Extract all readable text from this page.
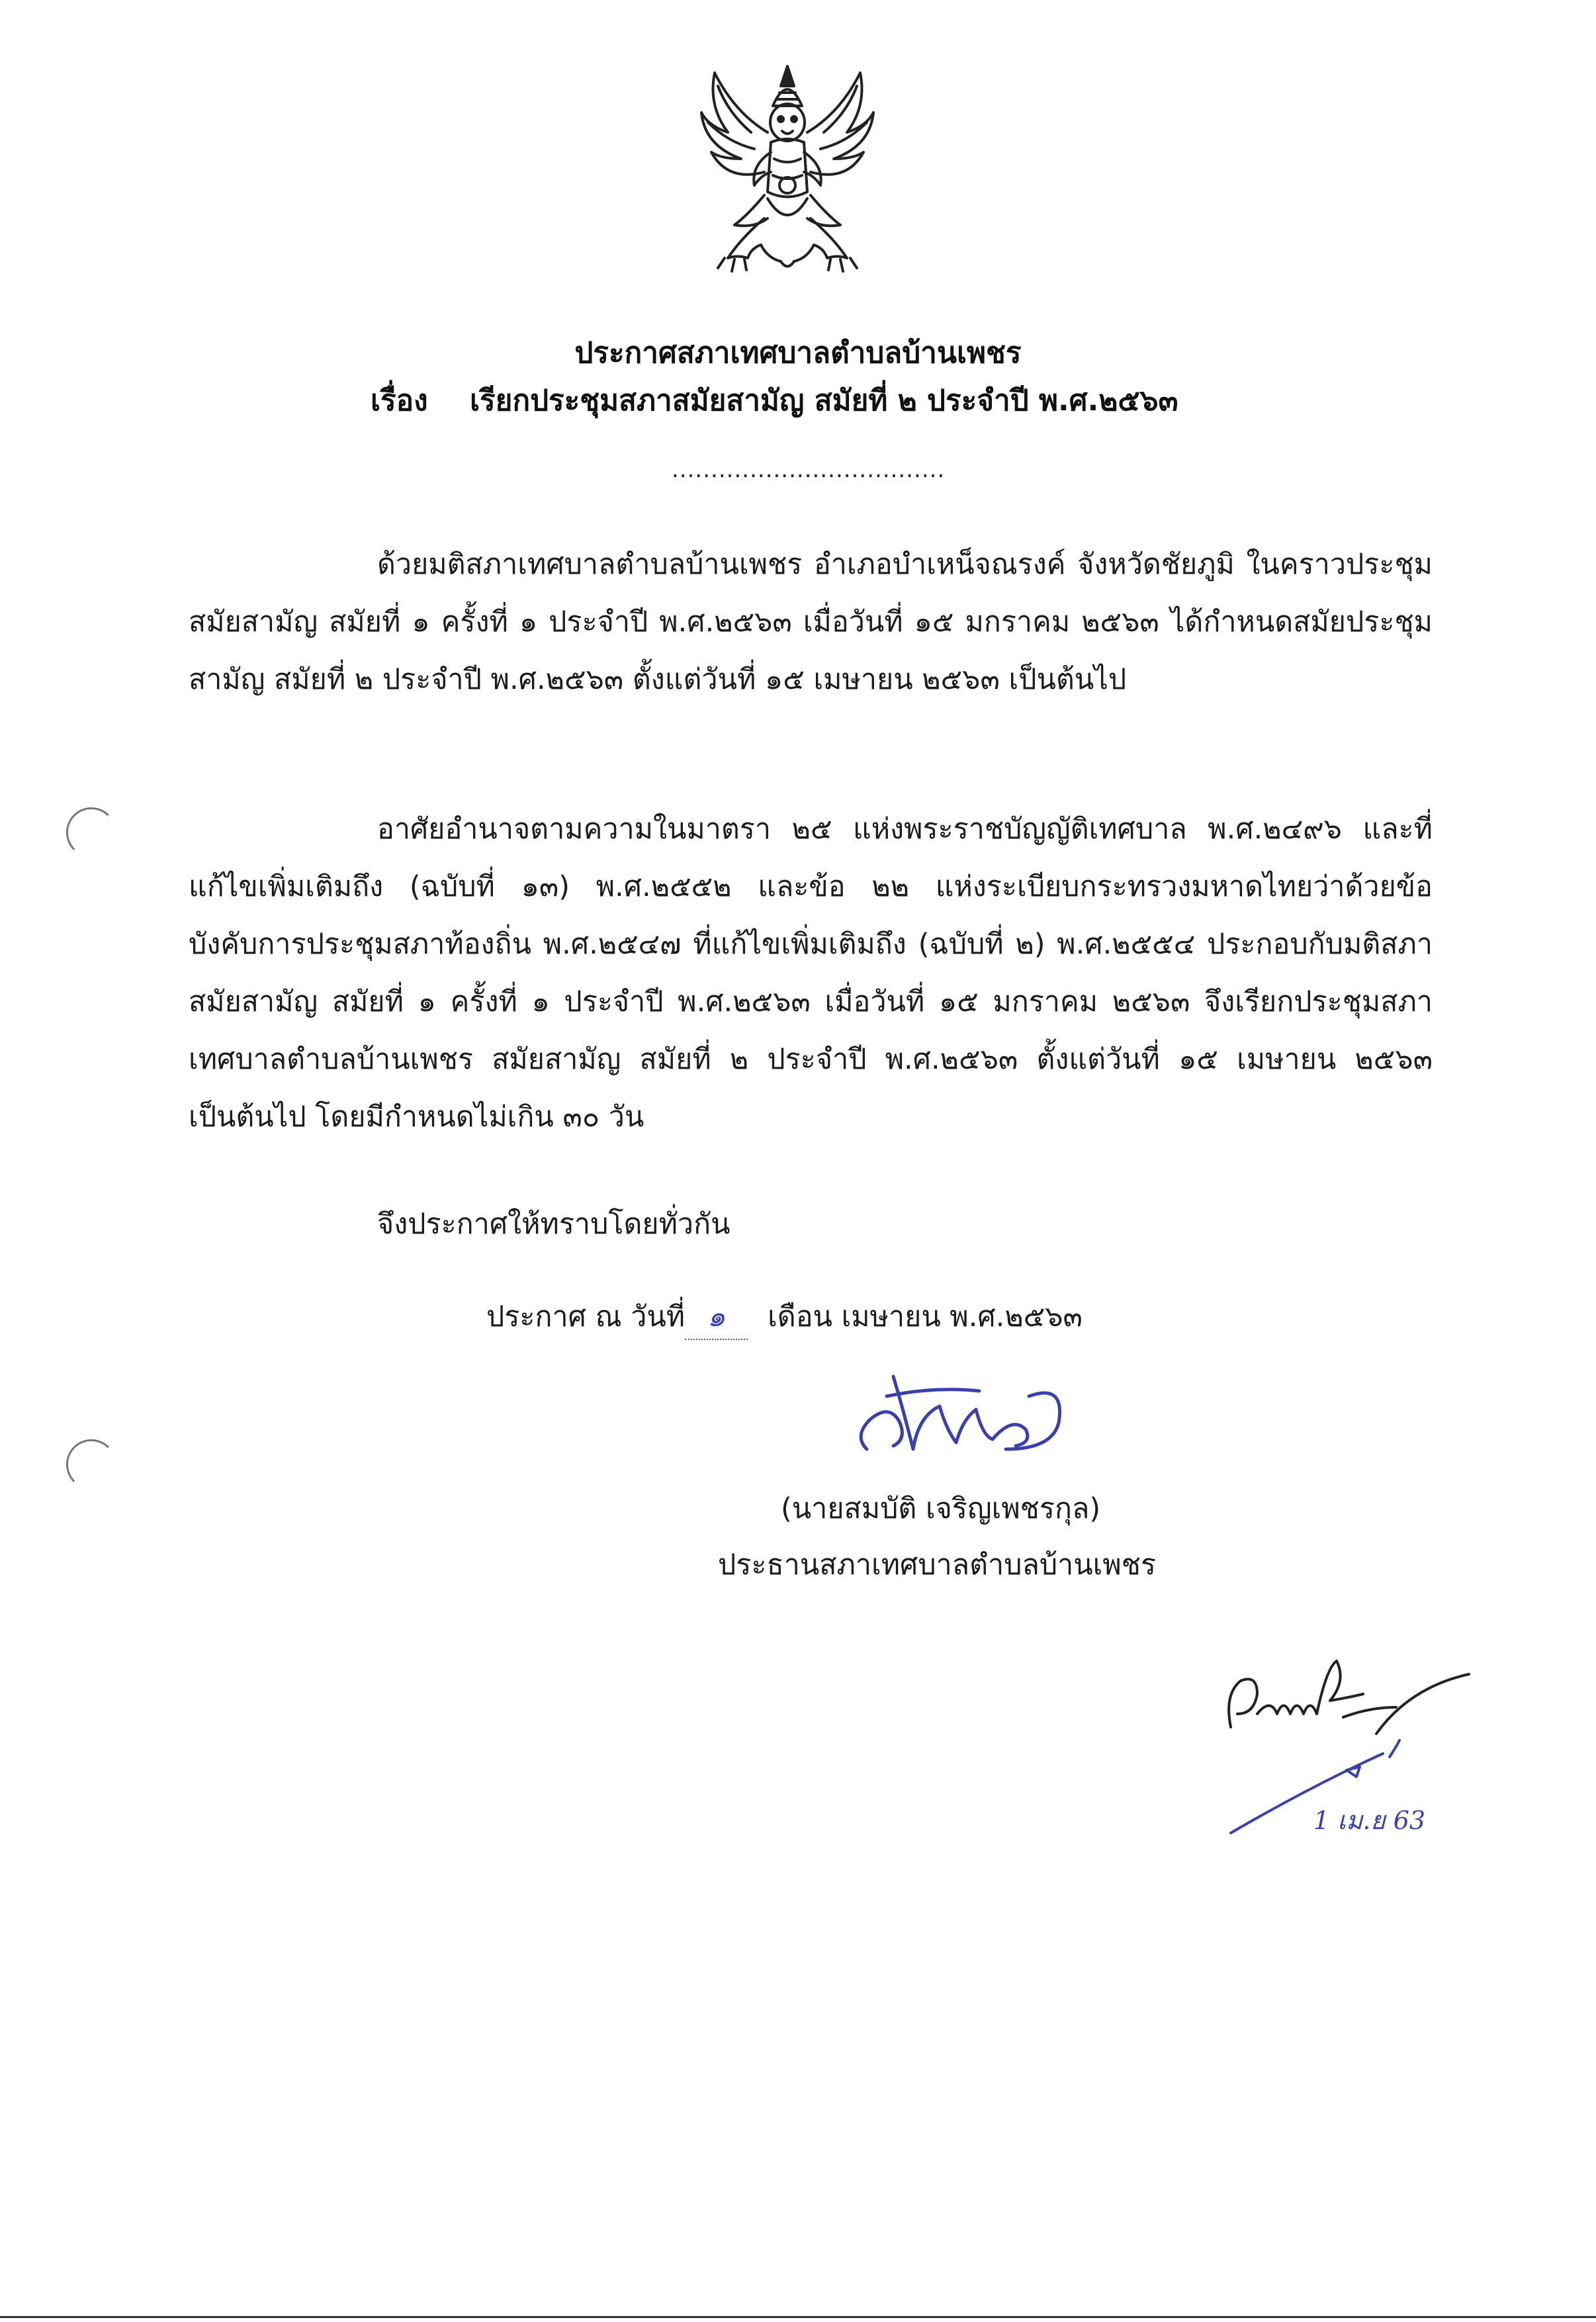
ประกาศสภาเทศบาลตำบลบ้านเพชร
เรื่อง เรียกประชุมสภาสมัยสามัญ สมัยที่ ๒ ประจำปี พ.ศ.๒๕๖๓
...................................
ด้วยมติสภาเทศบาลตำบลบ้านเพชร อำเภอบำเหน็จณรงค์ จังหวัดชัยภูมิ ในคราวประชุมสมัยสามัญ สมัยที่ ๑ ครั้งที่ ๑ ประจำปี พ.ศ.๒๕๖๓ เมื่อวันที่ ๑๕ มกราคม ๒๕๖๓ ได้กำหนดสมัยประชุมสามัญ สมัยที่ ๒ ประจำปี พ.ศ.๒๕๖๓ ตั้งแต่วันที่ ๑๕ เมษายน ๒๕๖๓ เป็นต้นไป
อาศัยอำนาจตามความในมาตรา ๒๕ แห่งพระราชบัญญัติเทศบาล พ.ศ.๒๔๙๖ และที่แก้ไขเพิ่มเติมถึง (ฉบับที่ ๑๓) พ.ศ.๒๕๕๒ และข้อ ๒๒ แห่งระเบียบกระทรวงมหาดไทยว่าด้วยข้อบังคับการประชุมสภาท้องถิ่น พ.ศ.๒๕๔๗ ที่แก้ไขเพิ่มเติมถึง (ฉบับที่ ๒) พ.ศ.๒๕๕๔ ประกอบกับมติสภา สมัยสามัญ สมัยที่ ๑ ครั้งที่ ๑ ประจำปี พ.ศ.๒๕๖๓ เมื่อวันที่ ๑๕ มกราคม ๒๕๖๓ จึงเรียกประชุมสภาเทศบาลตำบลบ้านเพชร สมัยสามัญ สมัยที่ ๒ ประจำปี พ.ศ.๒๕๖๓ ตั้งแต่วันที่ ๑๕ เมษายน ๒๕๖๓ เป็นต้นไป โดยมีกำหนดไม่เกิน ๓๐ วัน
จึงประกาศให้ทราบโดยทั่วกัน
ประกาศ ณ วันที่ ๑ เดือน เมษายน พ.ศ.๒๕๖๓
(นายสมบัติ เจริญเพชรกุล)
ประธานสภาเทศบาลตำบลบ้านเพชร
1 เม.ย 63
